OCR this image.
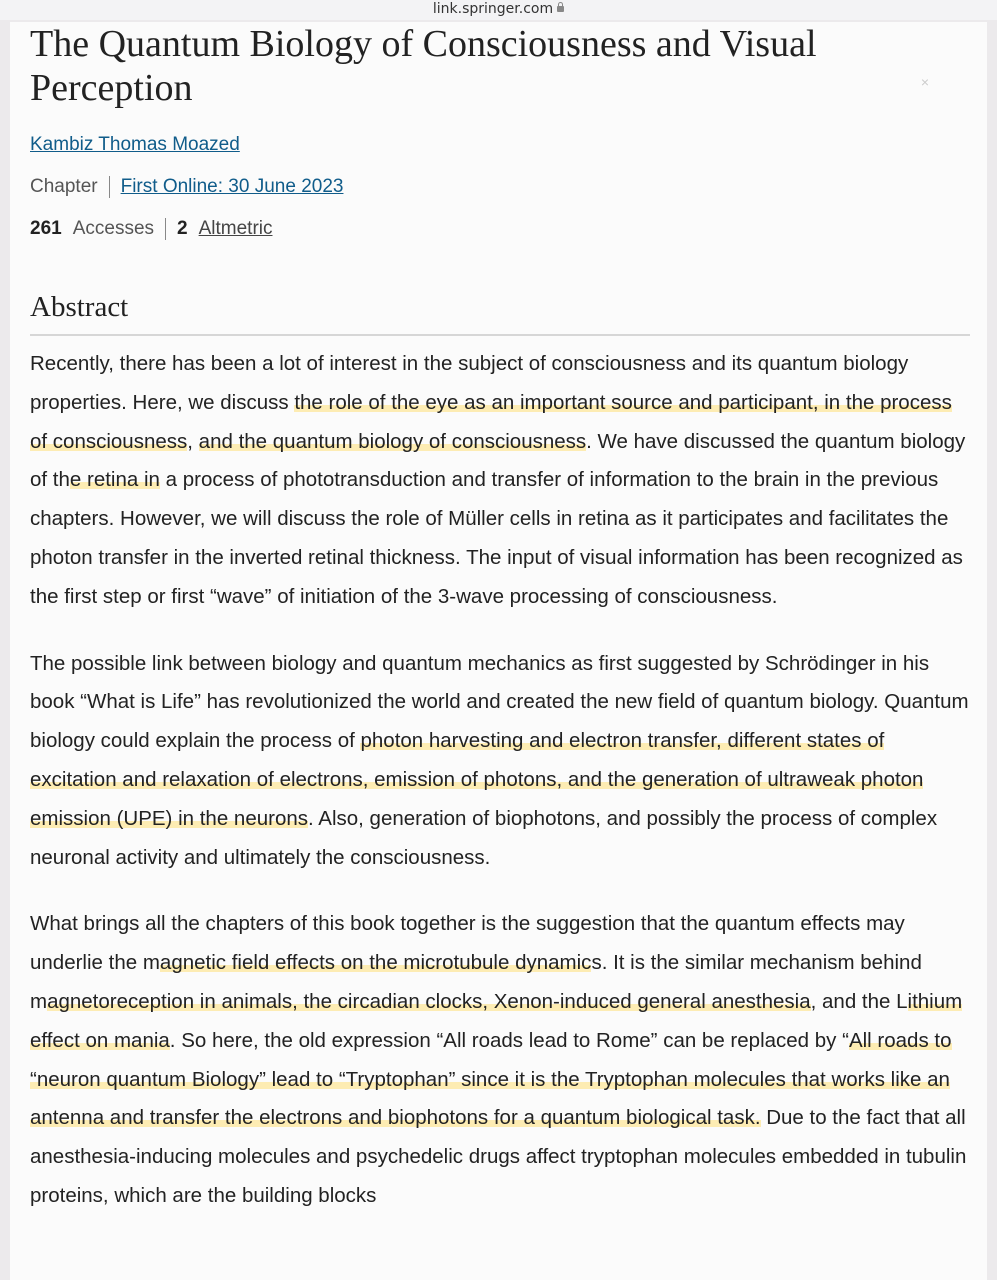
link.springer.com
×
The Quantum Biology of Consciousness and Visual Perception
Kambiz Thomas Moazed
Chapter First Online: 30 June 2023
261 Accesses 2 Altmetric
Abstract

Recently, there has been a lot of interest in the subject of consciousness and its quantum biology properties. Here, we discuss the role of the eye as an important source and participant, in the process of consciousness, and the quantum biology of consciousness. We have discussed the quantum biology of the retina in a process of phototransduction and transfer of information to the brain in the previous chapters. However, we will discuss the role of Müller cells in retina as it participates and facilitates the photon transfer in the inverted retinal thickness. The input of visual information has been recognized as the first step or first “wave” of initiation of the 3-wave processing of consciousness.

The possible link between biology and quantum mechanics as first suggested by Schrödinger in his book “What is Life” has revolutionized the world and created the new field of quantum biology. Quantum biology could explain the process of photon harvesting and electron transfer, different states of excitation and relaxation of electrons, emission of photons, and the generation of ultraweak photon emission (UPE) in the neurons. Also, generation of biophotons, and possibly the process of complex neuronal activity and ultimately the consciousness.

What brings all the chapters of this book together is the suggestion that the quantum effects may underlie the magnetic field effects on the microtubule dynamics. It is the similar mechanism behind magnetoreception in animals, the circadian clocks, Xenon-induced general anesthesia, and the Lithium effect on mania. So here, the old expression “All roads lead to Rome” can be replaced by “All roads to “neuron quantum Biology” lead to “Tryptophan” since it is the Tryptophan molecules that works like an antenna and transfer the electrons and biophotons for a quantum biological task. Due to the fact that all anesthesia-inducing molecules and psychedelic drugs affect tryptophan molecules embedded in tubulin proteins, which are the building blocks
